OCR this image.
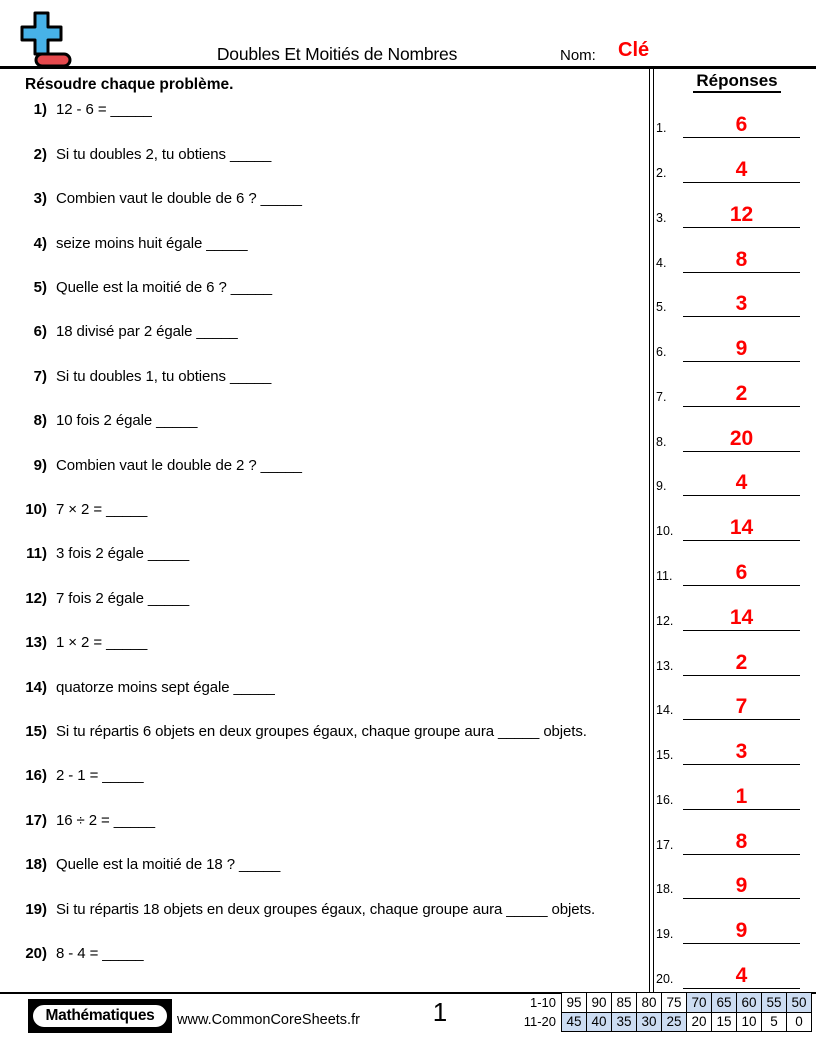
Doubles Et Moitiés de Nombres	Nom: Clé
Résoudre chaque problème.
1) 12 - 6 = _____
2) Si tu doubles 2, tu obtiens _____
3) Combien vaut le double de 6 ? _____
4) seize moins huit égale _____
5) Quelle est la moitié de 6 ? _____
6) 18 divisé par 2 égale _____
7) Si tu doubles 1, tu obtiens _____
8) 10 fois 2 égale _____
9) Combien vaut le double de 2 ? _____
10) 7 × 2 = _____
11) 3 fois 2 égale _____
12) 7 fois 2 égale _____
13) 1 × 2 = _____
14) quatorze moins sept égale _____
15) Si tu répartis 6 objets en deux groupes égaux, chaque groupe aura _____ objets.
16) 2 - 1 = _____
17) 16 ÷ 2 = _____
18) Quelle est la moitié de 18 ? _____
19) Si tu répartis 18 objets en deux groupes égaux, chaque groupe aura _____ objets.
20) 8 - 4 = _____
Réponses
1.	6
2.	4
3.	12
4.	8
5.	3
6.	9
7.	2
8.	20
9.	4
10.	14
11.	6
12.	14
13.	2
14.	7
15.	3
16.	1
17.	8
18.	9
19.	9
20.	4
Mathématiques	www.CommonCoreSheets.fr	1	1-10	95	90	85	80	75	70	65	60	55	50
11-20	45	40	35	30	25	20	15	10	5	0
